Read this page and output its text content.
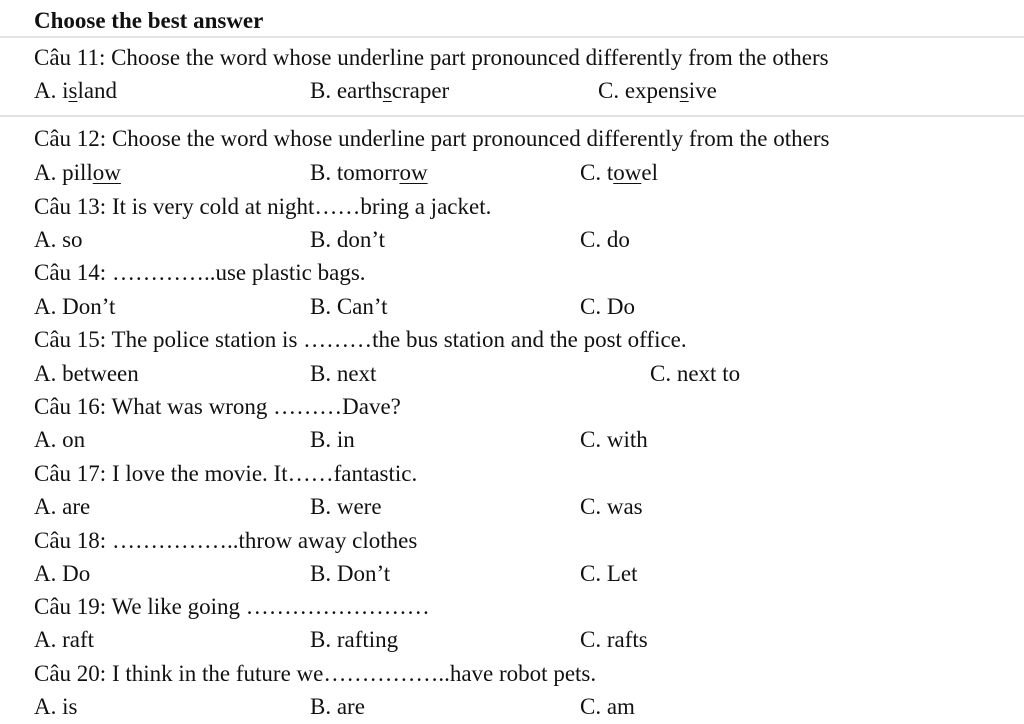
Choose the best answer
Câu 11: Choose the word whose underline part pronounced differently from the others
A. island	B. earthscraper	C. expensive
Câu 12: Choose the word whose underline part pronounced differently from the others
A. pillow	B. tomorrow	C. towel
Câu 13: It is very cold at night……bring a jacket.
A. so	B. don’t	C. do
Câu 14: …………..use plastic bags.
A. Don’t	B. Can’t	C. Do
Câu 15: The police station is ………the bus station and the post office.
A. between	B. next	C. next to
Câu 16: What was wrong ………Dave?
A. on	B. in	C. with
Câu 17: I love the movie. It……fantastic.
A. are	B. were	C. was
Câu 18: ……………..throw away clothes
A. Do	B. Don’t	C. Let
Câu 19: We like going ……………………
A. raft	B. rafting	C. rafts
Câu 20: I think in the future we……………..have robot pets.
A. is	B. are	C. am
